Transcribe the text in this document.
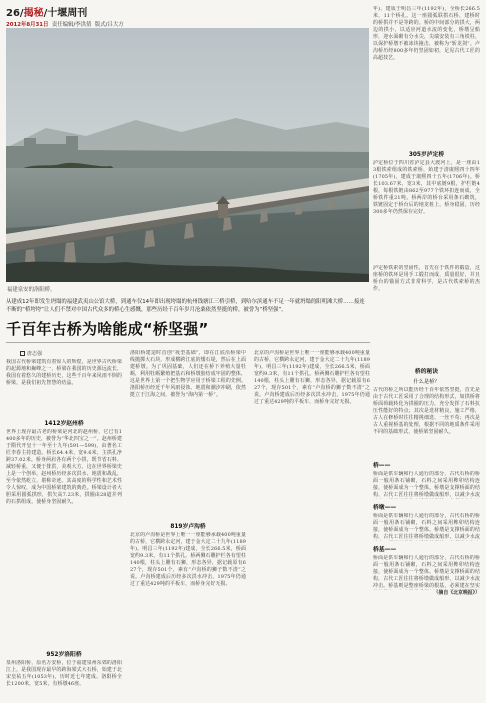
26/揭秘/十堰周刊
2012年8月31日 责任编辑/李洪倩 版式/吕大方
福建泉安的洛阳桥。
从建成12年即发生坍塌的福建武夷山公馆大桥，到通车仅14年即出现垮塌的杭州钱塘江三桥引桥，到哈尔滨通车不足一年就坍塌的阳明滩大桥……接连不断的“桥垮垮”让人们不禁对中国古代众多的桥心生感慨，那些历经千百年岁月沧桑依然坚挺的桥，被誉为“桥坚强”。
千百年古桥为啥能成“桥坚强”
唐志强
我国古代桥梁建筑有着惊人的辉煌，是世界古代桥梁的起源地和巅峰之一，桥梁在我国的历史源远流长，我国有着悠久的建桥历史，这些千百年来风雨不倒的桥梁，是我们祖先智慧的结晶。
1412岁赵州桥
世界上现存最古老的桥梁是河北的赵州桥，它已有1400多年的历史，被誉为“华北四宝之一”。赵州桥建于隋代开皇十一年至十九年(591—599)，由著名工匠李春主持建造。桥长64.4米，宽9.6米，主拱孔净跨37.02米。桥身两肩各有两个小拱，既节省石料、减轻桥重，又便于排洪，美观大方，这在世界桥梁史上是一个创举。赵州桥历经多次洪水、地震和战乱，至今依然屹立，堪称奇迹。其高度的科学性和艺术性令人惊叹，成为中国桥梁建筑的典范。桥梁设计者大胆采用圆弧拱形，拱矢高7.23米，拱圈由28道并列的石拱组成，使桥身坚固耐久。
952岁洛阳桥
泉州洛阳桥，原名万安桥，位于福建泉州东郊的洛阳江上，是我国现存最早的跨海梁式大石桥，始建于北宋皇祐五年(1053年)，历时近七年建成。洛阳桥全长1200米，宽5米，有桥墩46座。
洛阳桥建造时首创“筏型基础”，即在江底沿桥梁中线抛掷大石块，形成横跨江底的矮石堤，然后在上面建桥墩。为了巩固基础，人们还在桥下养殖大量牡蛎，利用牡蛎繁殖把基石和桥墩胶结成牢固的整体，这是世界上第一个把生物学应用于桥梁工程的先例。洛阳桥历经近千年风雨侵蚀、地震和潮汐冲刷，依然挺立于江海之间，被誉为“海内第一桥”。
819岁卢沟桥
北京的卢沟桥是世界上唯一一座能够承载400吨重量的古桥，它横跨永定河，建于金大定二十九年(1189年)，明昌三年(1192年)建成，全长266.5米，桥面宽约9.3米，有11个拱孔。桥两侧石雕护栏各有望柱140根，柱头上雕有石狮，形态各异，据记载原有627个，现存501个，素有“卢沟桥的狮子数不清”之说。卢沟桥建成后历经多次洪水冲击，1975年仍通过了重达429吨的平板车，而桥身完好无损。
北京的卢沟桥是世界上唯一一座能够承载400吨重量的古桥，它横跨永定河，建于金大定二十九年(1189年)，明昌三年(1192年)建成，全长266.5米，桥面宽约9.3米，有11个拱孔。桥两侧石雕护栏各有望柱140根，柱头上雕有石狮，形态各异，据记载原有627个，现存501个，素有“卢沟桥的狮子数不清”之说。卢沟桥建成后历经多次洪水冲击，1975年仍通过了重达429吨的平板车，而桥身完好无损。
年)，建成于明昌三年(1192年)，全桥长266.5米，11个桥孔。这一座圆弧联拱石桥，建桥时的桥拱并不是等跨的。桥的中间部分的拱大，两边的拱小，以适应河道水流的变化，桥墩呈船形，迎水面砌有分水尖，尖端安装有三角铁柱，以保护桥墩不被冰块撞击，被称为“斩龙剑”。卢沟桥历经800多年仍坚固如初，足见古代工匠的高超技艺。
305岁泸定桥
泸定桥位于四川省泸定县大渡河上，是一座由13根铁索组成的铁索桥，始建于清康熙四十四年(1705年)，建成于康熙四十五年(1706年)。桥长103.67米，宽3米，其中底链9根，护栏链4根，每根铁链由862至977个铁环扣连而成，全桥铁件重21吨。桥两岸的桥台采用条石砌筑，铁链固定于桥台后的地龙桩上，桥身稳固，历经300多年仍然保存完好。
泸定桥铁索的坚固性，首先在于铁件的锻造，这座桥的铁环是用手工锻打而成，质量很好，并且桥台的锚固方式非常科学，是古代铁索桥的杰作。
桥的秘诀
什么是桥？
古代的桥之所以能历经千百年依然坚挺，首先是由于古代工匠采用了合理的结构形式，如拱桥将桥面荷载转化为拱圈的压力，充分发挥了石料抗压性能好的特点；其次是选材精良，施工严格，古人在修桥时往往精挑细选、一丝不苟；再次是古人重视桥基的处理，根据不同的地质条件采用不同的基础形式，使桥梁坚固耐久。
桥——
桥面是供车辆和行人通行的部分，古代石桥的桥面一般用条石铺砌，石料之间采用榫卯结构连接，使桥面成为一个整体。桥墩是支撑桥面的结构，古代工匠往往将桥墩做成船形，以减少水流
桥墩——
桥面是供车辆和行人通行的部分，古代石桥的桥面一般用条石铺砌，石料之间采用榫卯结构连接，使桥面成为一个整体。桥墩是支撑桥面的结构，古代工匠往往将桥墩做成船形，以减少水流
桥基——
桥面是供车辆和行人通行的部分，古代石桥的桥面一般用条石铺砌，石料之间采用榫卯结构连接，使桥面成为一个整体。桥墩是支撑桥面的结构，古代工匠往往将桥墩做成船形，以减少水流冲击。桥基则是整座桥梁的根基，必须建在坚实
（摘自《北京晚报》）
